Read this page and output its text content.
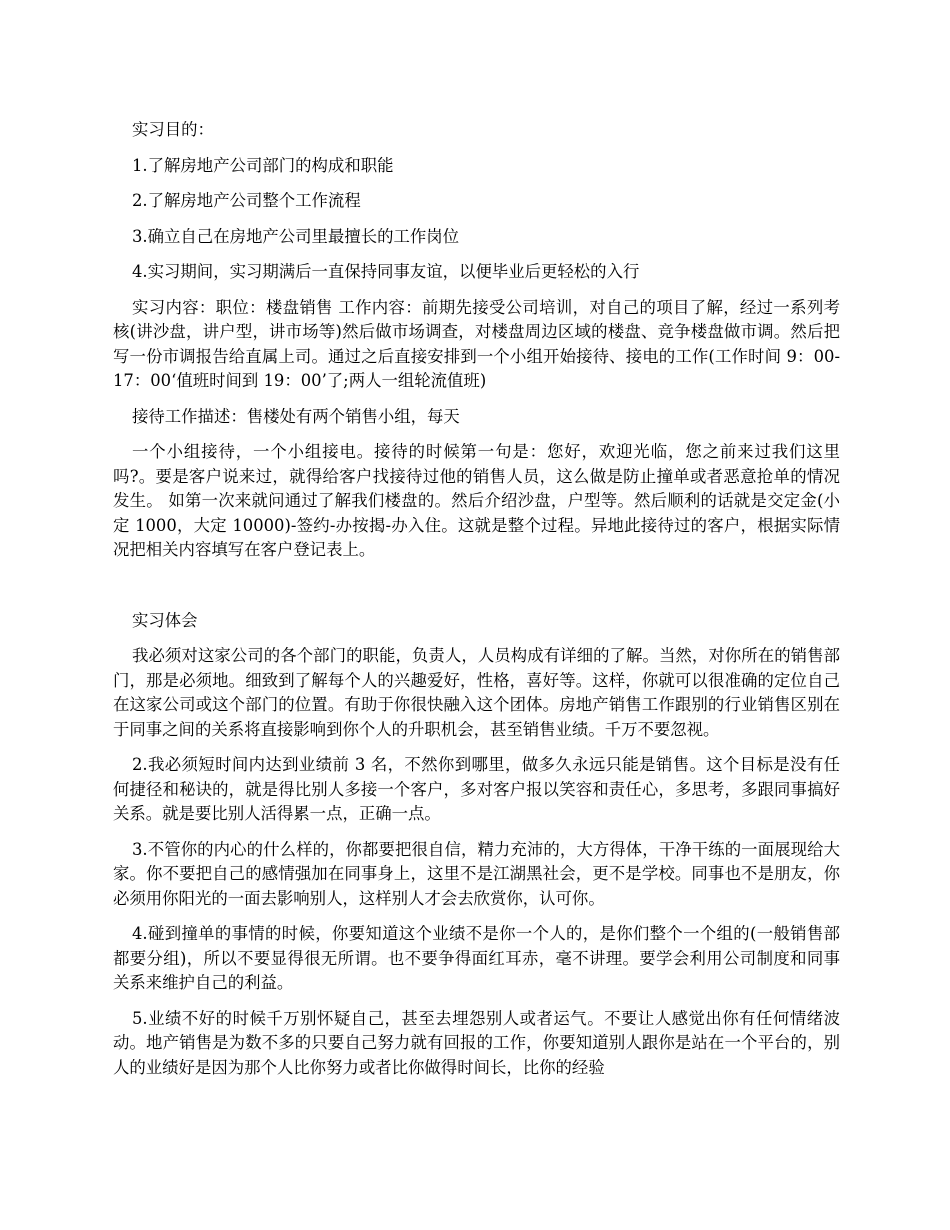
实习目的：

1.了解房地产公司部门的构成和职能

2.了解房地产公司整个工作流程

3.确立自己在房地产公司里最擅长的工作岗位

4.实习期间，实习期满后一直保持同事友谊，以便毕业后更轻松的入行

实习内容：职位：楼盘销售 工作内容：前期先接受公司培训，对自己的项目了解，经过一系列考核(讲沙盘，讲户型，讲市场等)然后做市场调查，对楼盘周边区域的楼盘、竞争楼盘做市调。然后把写一份市调报告给直属上司。通过之后直接安排到一个小组开始接待、接电的工作(工作时间 9：00-17：00‘值班时间到 19：00’了;两人一组轮流值班)

接待工作描述：售楼处有两个销售小组，每天

一个小组接待，一个小组接电。接待的时候第一句是：您好，欢迎光临，您之前来过我们这里吗?。要是客户说来过，就得给客户找接待过他的销售人员，这么做是防止撞单或者恶意抢单的情况发生。 如第一次来就问通过了解我们楼盘的。然后介绍沙盘，户型等。然后顺利的话就是交定金(小定 1000，大定 10000)-签约-办按揭-办入住。这就是整个过程。异地此接待过的客户，根据实际情况把相关内容填写在客户登记表上。

实习体会

我必须对这家公司的各个部门的职能，负责人，人员构成有详细的了解。当然，对你所在的销售部门，那是必须地。细致到了解每个人的兴趣爱好，性格，喜好等。这样，你就可以很准确的定位自己在这家公司或这个部门的位置。有助于你很快融入这个团体。房地产销售工作跟别的行业销售区别在于同事之间的关系将直接影响到你个人的升职机会，甚至销售业绩。千万不要忽视。

2.我必须短时间内达到业绩前 3 名，不然你到哪里，做多久永远只能是销售。这个目标是没有任何捷径和秘诀的，就是得比别人多接一个客户，多对客户报以笑容和责任心，多思考，多跟同事搞好关系。就是要比别人活得累一点，正确一点。

3.不管你的内心的什么样的，你都要把很自信，精力充沛的，大方得体，干净干练的一面展现给大家。你不要把自己的感情强加在同事身上，这里不是江湖黑社会，更不是学校。同事也不是朋友，你必须用你阳光的一面去影响别人，这样别人才会去欣赏你，认可你。

4.碰到撞单的事情的时候，你要知道这个业绩不是你一个人的，是你们整个一个组的(一般销售部都要分组)，所以不要显得很无所谓。也不要争得面红耳赤，毫不讲理。要学会利用公司制度和同事关系来维护自己的利益。

5.业绩不好的时候千万别怀疑自己，甚至去埋怨别人或者运气。不要让人感觉出你有任何情绪波动。地产销售是为数不多的只要自己努力就有回报的工作，你要知道别人跟你是站在一个平台的，别人的业绩好是因为那个人比你努力或者比你做得时间长，比你的经验
